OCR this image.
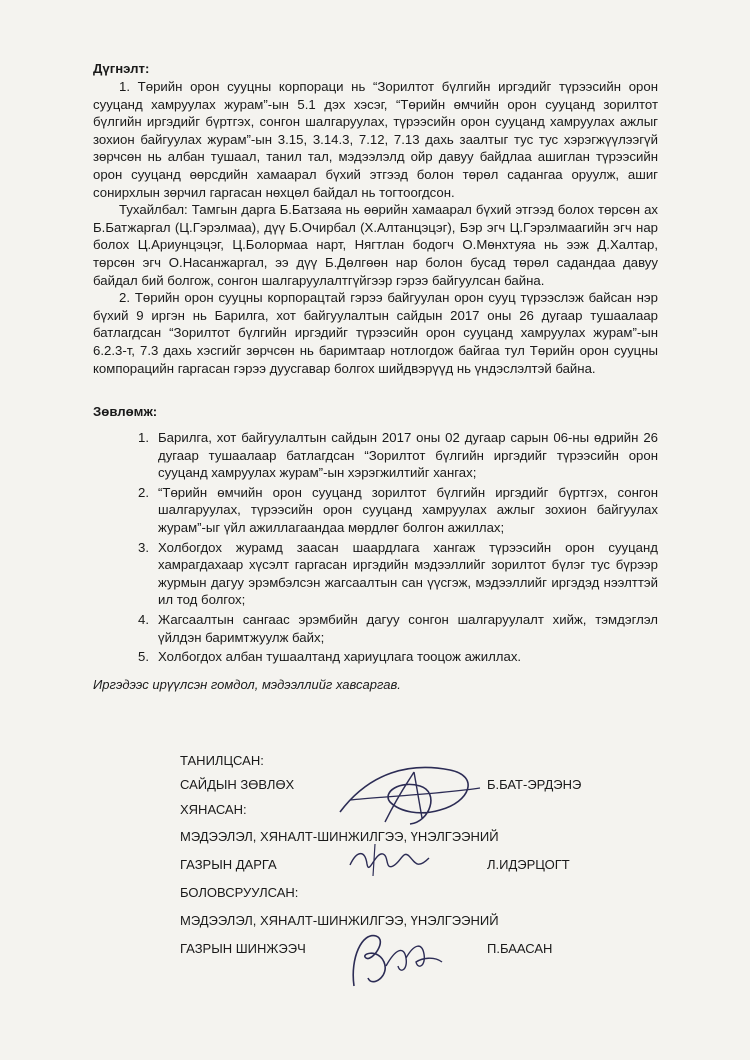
Дүгнэлт:

1. Төрийн орон сууцны корпораци нь “Зорилтот бүлгийн иргэдийг түрээсийн орон сууцанд хамруулах журам”-ын 5.1 дэх хэсэг, “Төрийн өмчийн орон сууцанд зорилтот бүлгийн иргэдийг бүртгэх, сонгон шалгаруулах, түрээсийн орон сууцанд хамруулах ажлыг зохион байгуулах журам”-ын 3.15, 3.14.3, 7.12, 7.13 дахь заалтыг тус тус хэрэгжүүлээгүй зөрчсөн нь албан тушаал, танил тал, мэдээлэлд ойр давуу байдлаа ашиглан түрээсийн орон сууцанд өөрсдийн хамаарал бүхий этгээд болон төрөл садангаа оруулж, ашиг сонирхлын зөрчил гаргасан нөхцөл байдал нь тогтоогдсон.

Тухайлбал: Тамгын дарга Б.Батзаяа нь өөрийн хамаарал бүхий этгээд болох төрсөн ах Б.Батжаргал (Ц.Гэрэлмаа), дүү Б.Очирбал (Х.Алтанцэцэг), Бэр эгч Ц.Гэрэлмаагийн эгч нар болох Ц.Ариунцэцэг, Ц.Болормаа нарт, Нягтлан бодогч О.Мөнхтуяа нь ээж Д.Халтар, төрсөн эгч О.Насанжаргал, ээ дүү Б.Дөлгөөн нар болон бусад төрөл садандаа давуу байдал бий болгож, сонгон шалгаруулалтгүйгээр гэрээ байгуулсан байна.

2. Төрийн орон сууцны корпорацтай гэрээ байгуулан орон сууц түрээслэж байсан нэр бүхий 9 иргэн нь Барилга, хот байгуулалтын сайдын 2017 оны 26 дугаар тушаалаар батлагдсан “Зорилтот бүлгийн иргэдийг түрээсийн орон сууцанд хамруулах журам”-ын 6.2.3-т, 7.3 дахь хэсгийг зөрчсөн нь баримтаар нотлогдож байгаа тул Төрийн орон сууцны компорацийн гаргасан гэрээ дуусгавар болгох шийдвэрүүд нь үндэслэлтэй байна.

Зөвлөмж:

1. Барилга, хот байгуулалтын сайдын 2017 оны 02 дугаар сарын 06-ны өдрийн 26 дугаар тушаалаар батлагдсан “Зорилтот бүлгийн иргэдийг түрээсийн орон сууцанд хамруулах журам”-ын хэрэгжилтийг хангах;
2. “Төрийн өмчийн орон сууцанд зорилтот бүлгийн иргэдийг бүртгэх, сонгон шалгаруулах, түрээсийн орон сууцанд хамруулах ажлыг зохион байгуулах журам”-ыг үйл ажиллагаандаа мөрдлөг болгон ажиллах;
3. Холбогдох журамд заасан шаардлага хангаж түрээсийн орон сууцанд хамрагдахаар хүсэлт гаргасан иргэдийн мэдээллийг зорилтот бүлэг тус бүрээр журмын дагуу эрэмбэлсэн жагсаалтын сан үүсгэж, мэдээллийг иргэдэд нээлттэй ил тод болгох;
4. Жагсаалтын сангаас эрэмбийн дагуу сонгон шалгаруулалт хийж, тэмдэглэл үйлдэн баримтжуулж байх;
5. Холбогдох албан тушаалтанд хариуцлага тооцож ажиллах.

Иргэдээс ирүүлсэн гомдол, мэдээллийг хавсаргав.

ТАНИЛЦСАН:
САЙДЫН ЗӨВЛӨХ	Б.БАТ-ЭРДЭНЭ
ХЯНАСАН:
МЭДЭЭЛЭЛ, ХЯНАЛТ-ШИНЖИЛГЭЭ, ҮНЭЛГЭЭНИЙ
ГАЗРЫН ДАРГА	Л.ИДЭРЦОГТ
БОЛОВСРУУЛСАН:
МЭДЭЭЛЭЛ, ХЯНАЛТ-ШИНЖИЛГЭЭ, ҮНЭЛГЭЭНИЙ
ГАЗРЫН ШИНЖЭЭЧ	П.БААСАН
